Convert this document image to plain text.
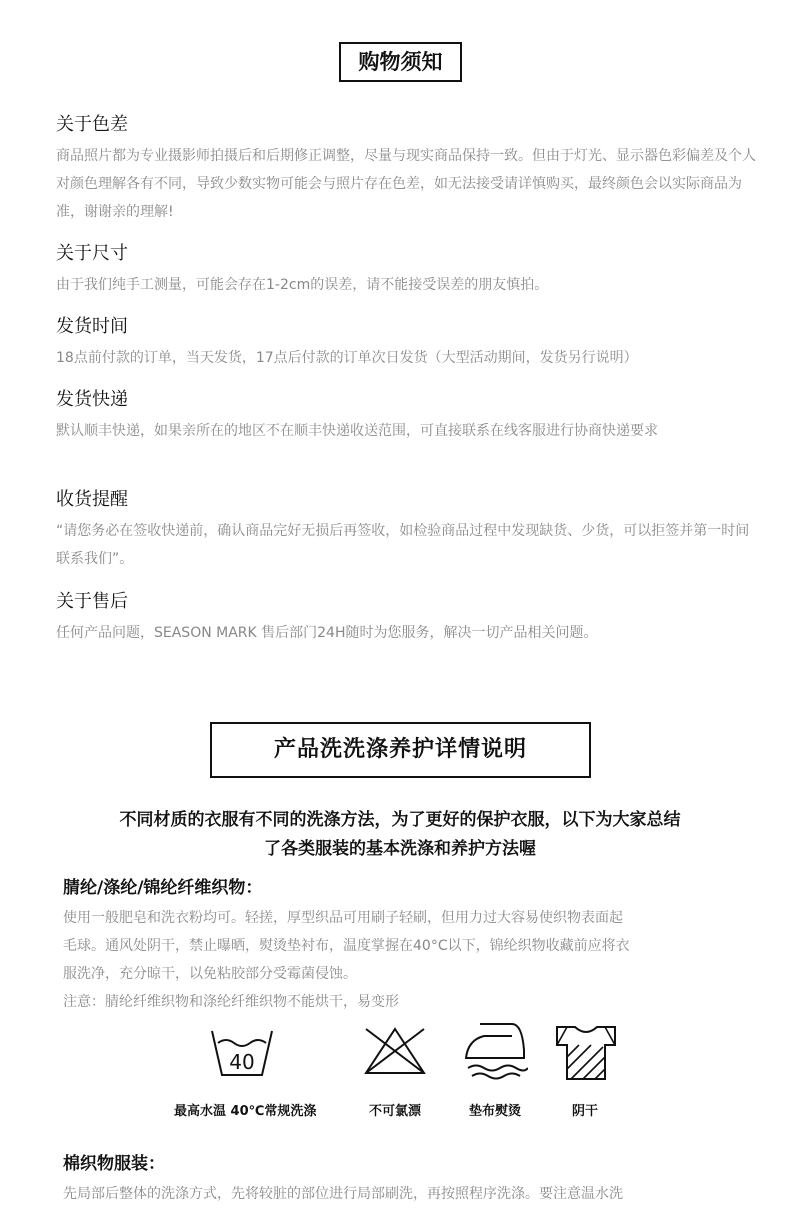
购物须知
关于色差

商品照片都为专业摄影师拍摄后和后期修正调整，尽量与现实商品保持一致。但由于灯光、显示器色彩偏差及个人对颜色理解各有不同，导致少数实物可能会与照片存在色差，如无法接受请详慎购买，最终颜色会以实际商品为准，谢谢亲的理解!

关于尺寸

由于我们纯手工测量，可能会存在1-2cm的误差，请不能接受误差的朋友慎拍。

发货时间

18点前付款的订单，当天发货，17点后付款的订单次日发货（大型活动期间，发货另行说明）

发货快递

默认顺丰快递，如果亲所在的地区不在顺丰快递收送范围，可直接联系在线客服进行协商快递要求

收货提醒

“请您务必在签收快递前，确认商品完好无损后再签收，如检验商品过程中发现缺货、少货，可以拒签并第一时间联系我们”。

关于售后

任何产品问题，SEASON MARK 售后部门24H随时为您服务，解决一切产品相关问题。

产品洗洗涤养护详情说明
不同材质的衣服有不同的洗涤方法，为了更好的保护衣服，以下为大家总结
了各类服装的基本洗涤和养护方法喔
腈纶/涤纶/锦纶纤维织物：

使用一般肥皂和洗衣粉均可。轻搓，厚型织品可用刷子轻刷，但用力过大容易使织物表面起

毛球。通风处阴干，禁止曝晒，熨烫垫衬布，温度掌握在40°C以下，锦纶织物收藏前应将衣

服洗净，充分晾干，以免粘胶部分受霉菌侵蚀。

注意：腈纶纤维织物和涤纶纤维织物不能烘干，易变形

40
最高水温 40℃常规洗涤	不可氯漂	垫布熨烫	阴干
棉织物服装：

先局部后整体的洗涤方式，先将较脏的部位进行局部刷洗，再按照程序洗涤。要注意温水洗
